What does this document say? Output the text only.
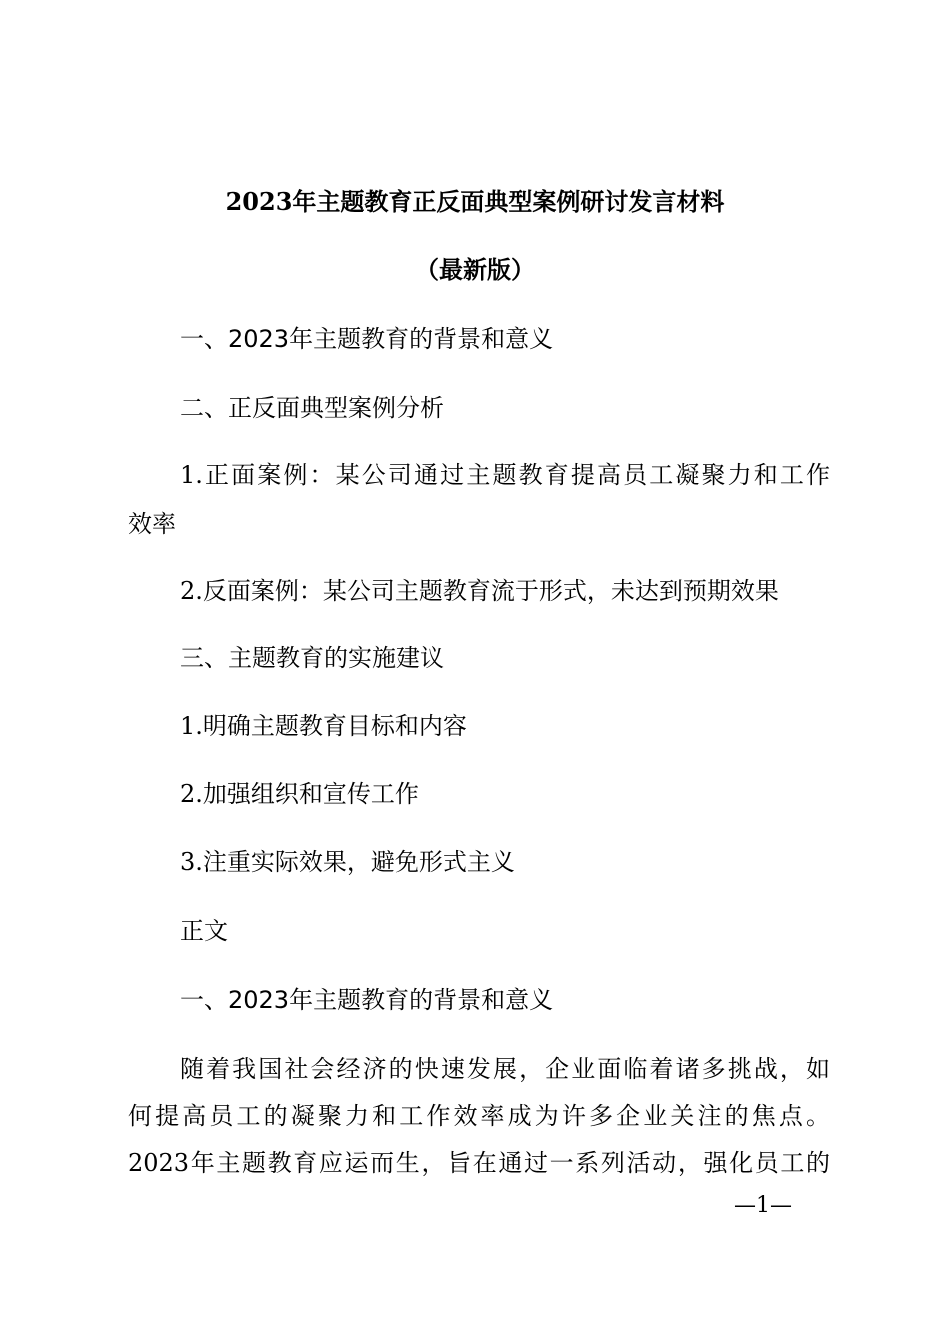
2023年主题教育正反面典型案例研讨发言材料
（最新版）
一、2023年主题教育的背景和意义
二、正反面典型案例分析
1.正面案例：某公司通过主题教育提高员工凝聚力和工作
效率
2.反面案例：某公司主题教育流于形式，未达到预期效果
三、主题教育的实施建议
1.明确主题教育目标和内容
2.加强组织和宣传工作
3.注重实际效果，避免形式主义
正文
一、2023年主题教育的背景和意义
随着我国社会经济的快速发展，企业面临着诸多挑战，如
何提高员工的凝聚力和工作效率成为许多企业关注的焦点。
2023年主题教育应运而生，旨在通过一系列活动，强化员工的
—1—
